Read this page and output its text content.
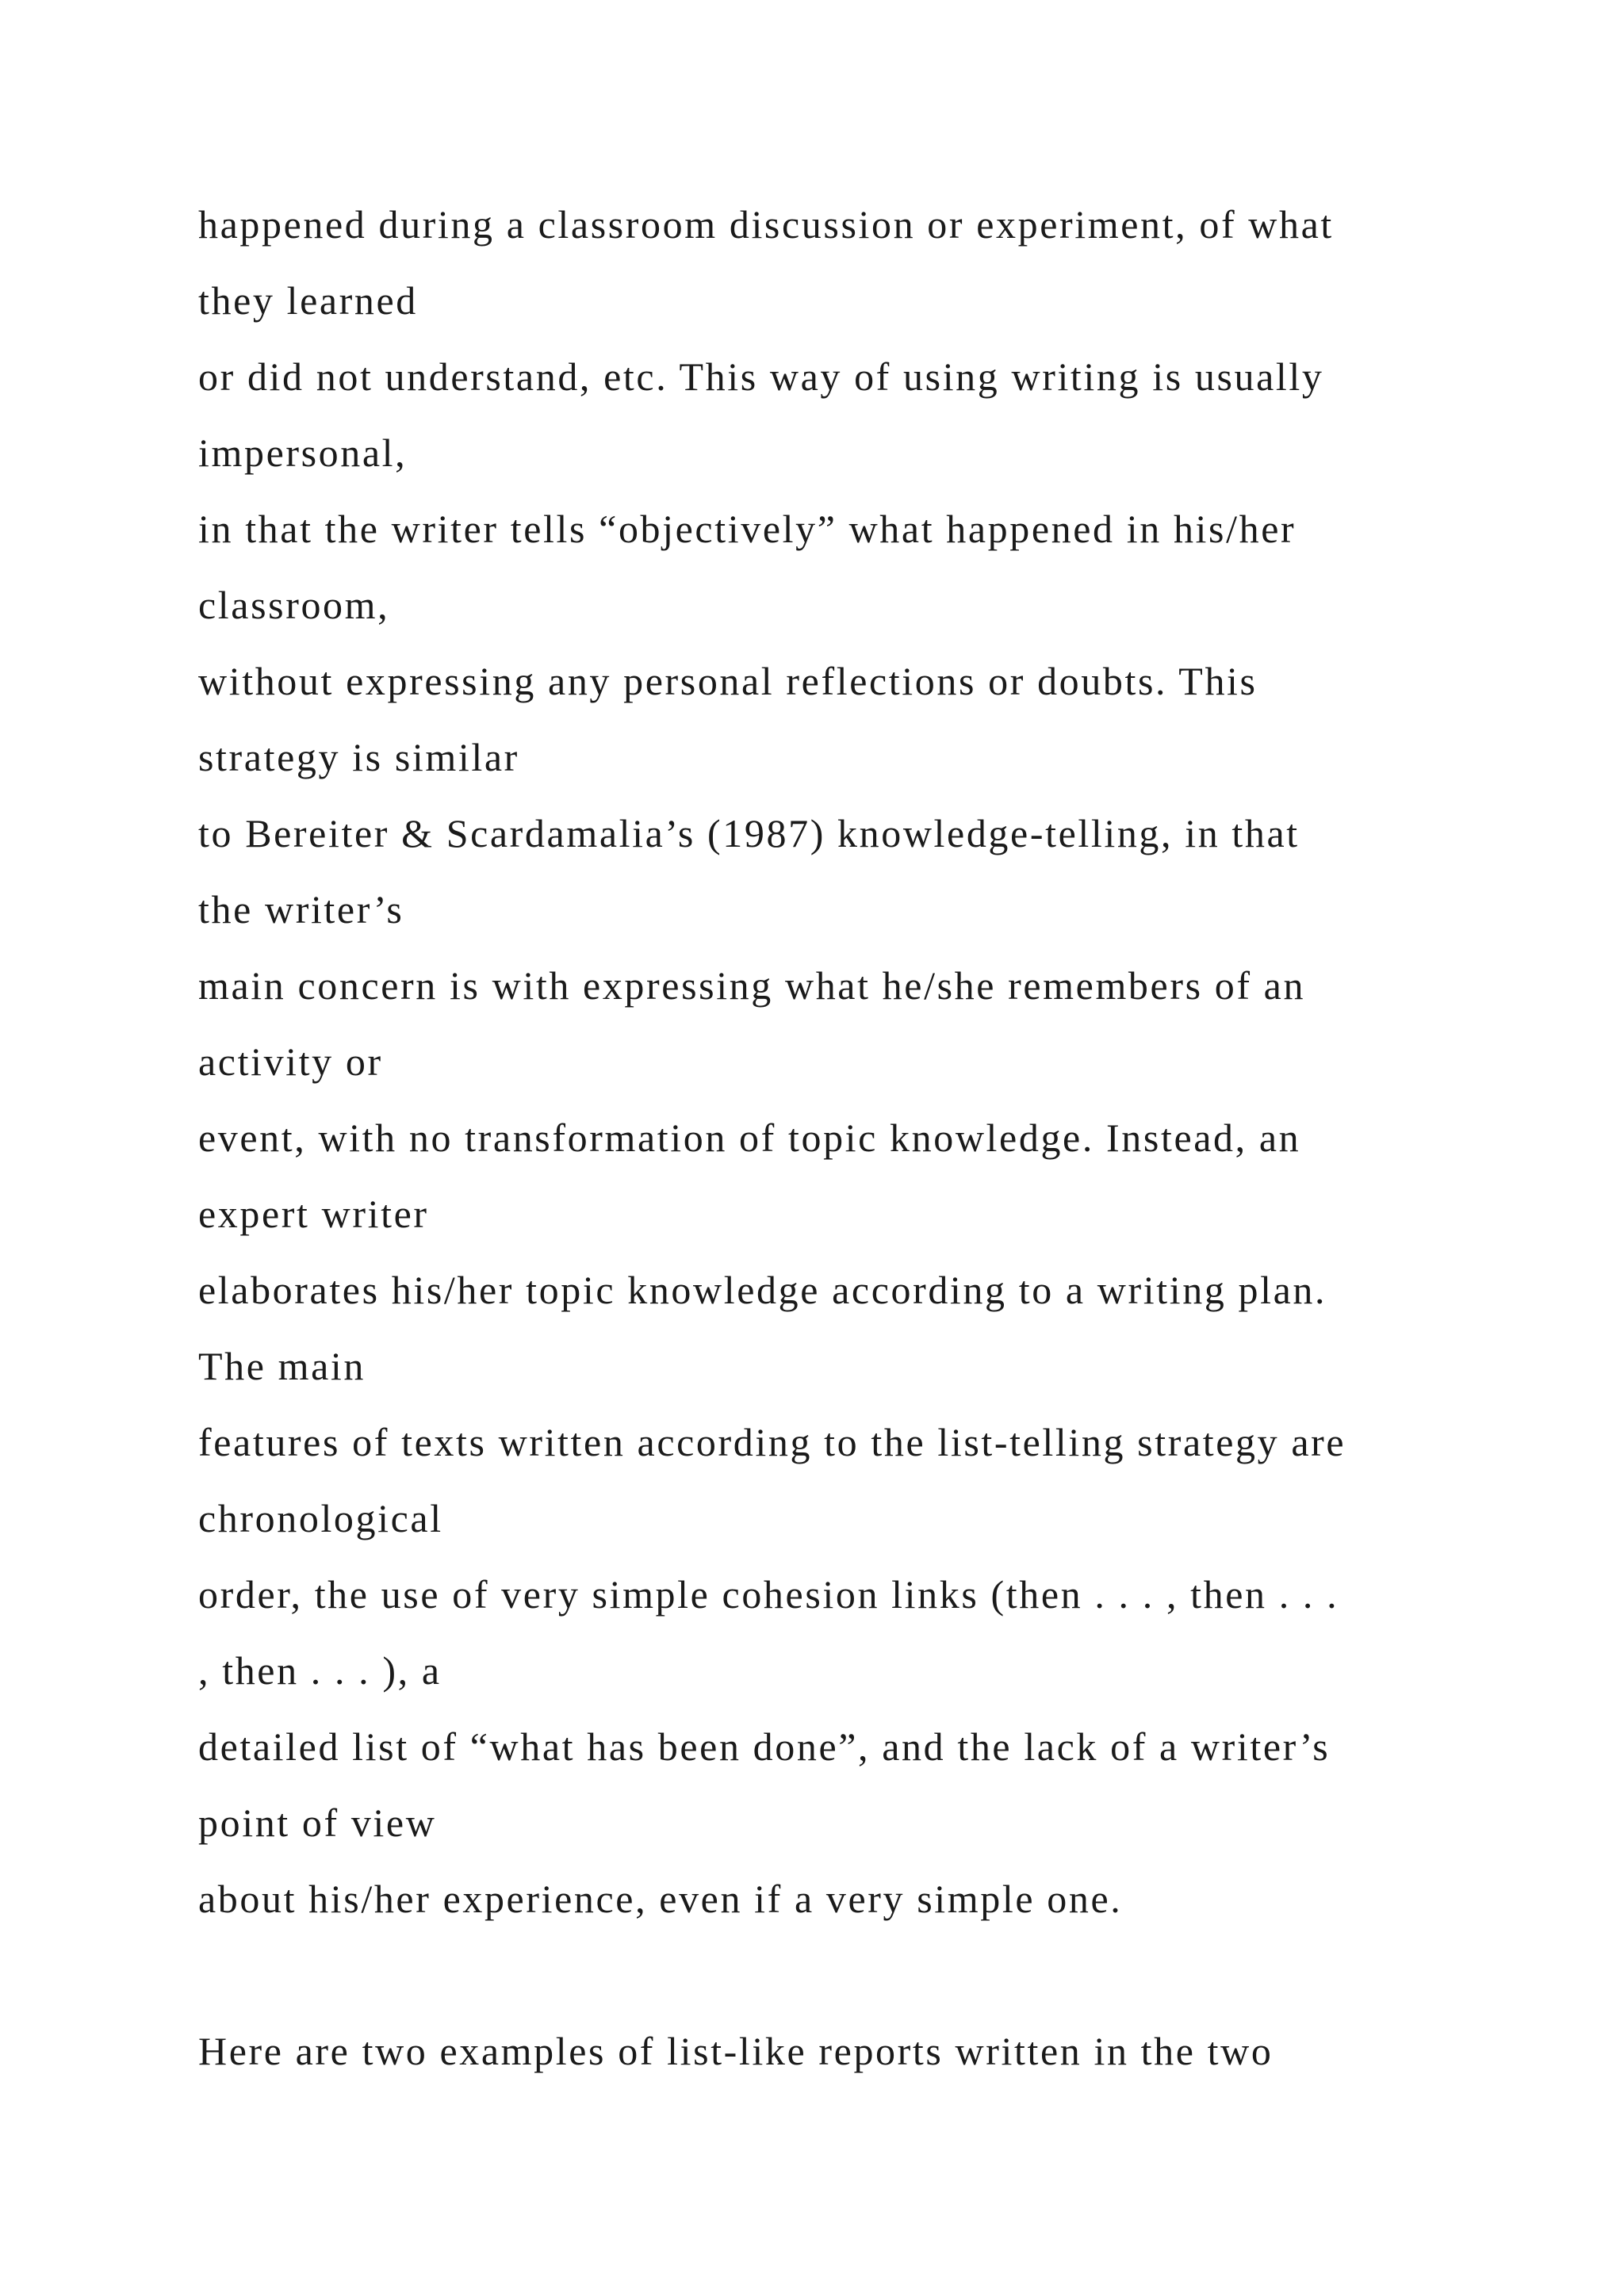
happened during a classroom discussion or experiment, of what
they learned
or did not understand, etc. This way of using writing is usually
impersonal,
in that the writer tells “objectively” what happened in his/her
classroom,
without expressing any personal reflections or doubts. This
strategy is similar
to Bereiter & Scardamalia’s (1987) knowledge-telling, in that
the writer’s
main concern is with expressing what he/she remembers of an
activity or
event, with no transformation of topic knowledge. Instead, an
expert writer
elaborates his/her topic knowledge according to a writing plan.
The main
features of texts written according to the list-telling strategy are
chronological
order, the use of very simple cohesion links (then . . . , then . . .
, then . . . ), a
detailed list of “what has been done”, and the lack of a writer’s
point of view
about his/her experience, even if a very simple one.
Here are two examples of list-like reports written in the two
